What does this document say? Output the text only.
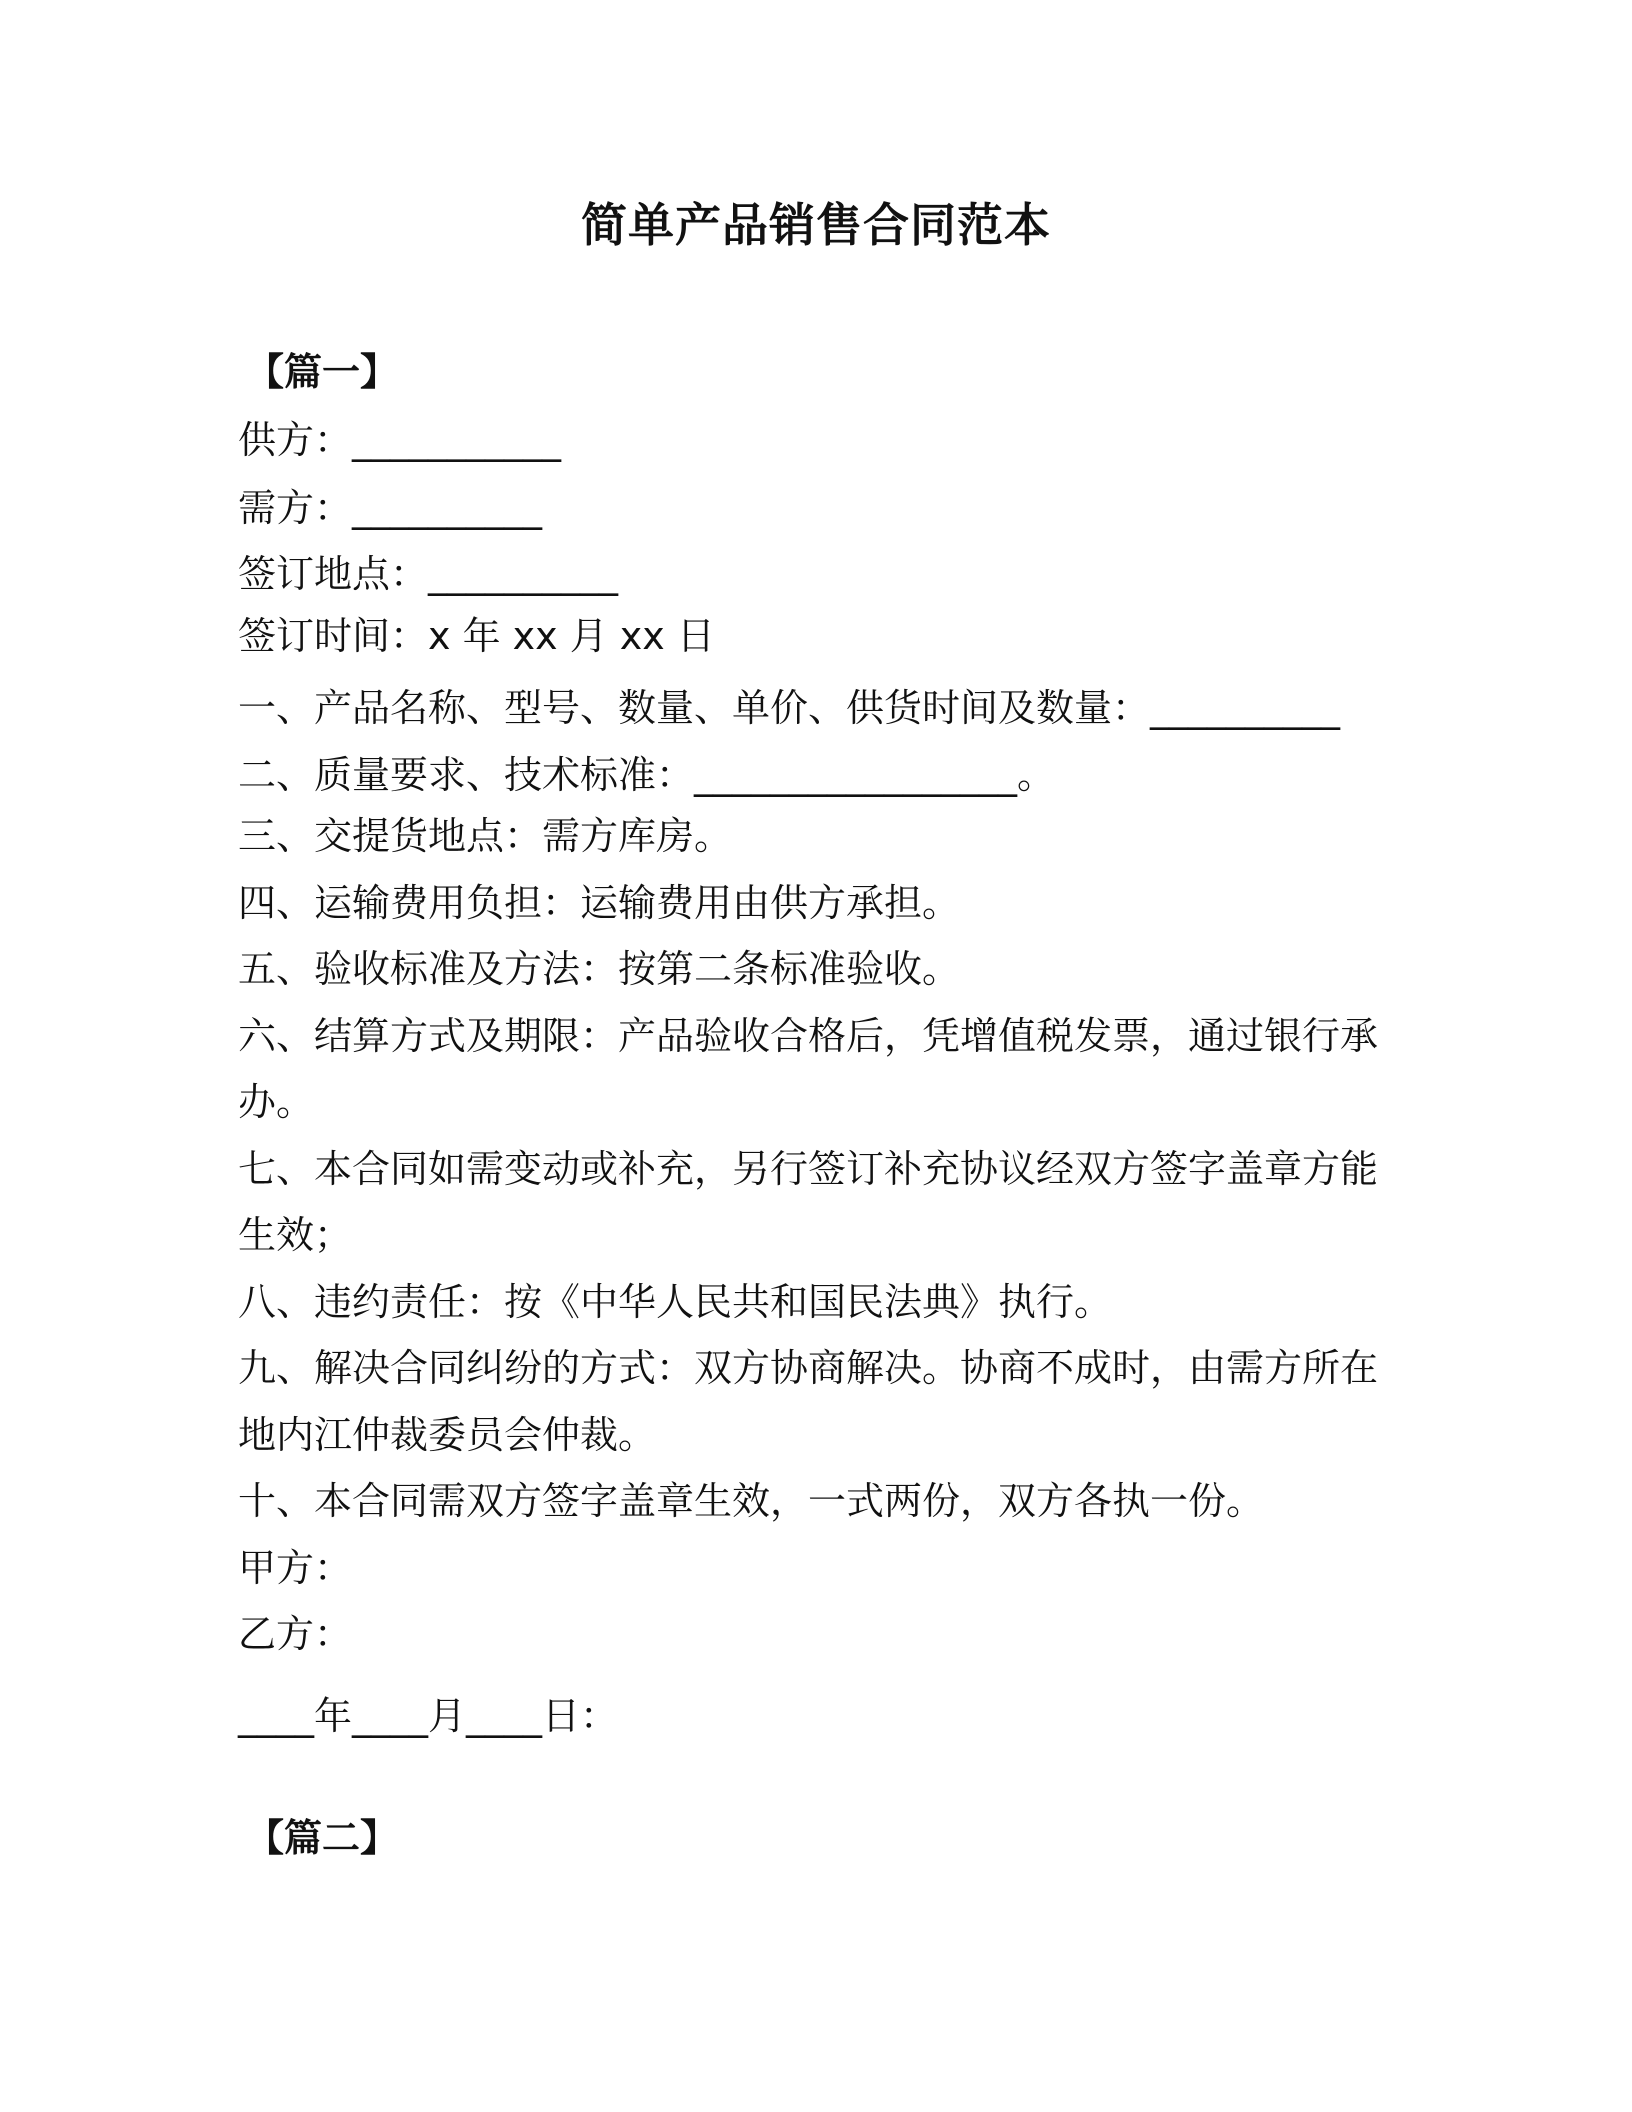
简单产品销售合同范本
【篇一】
供方：___________
需方：__________
签订地点：__________
签订时间：x 年 xx 月 xx 日
一、产品名称、型号、数量、单价、供货时间及数量：__________
二、质量要求、技术标准：_________________。
三、交提货地点：需方库房。
四、运输费用负担：运输费用由供方承担。
五、验收标准及方法：按第二条标准验收。
六、结算方式及期限：产品验收合格后，凭增值税发票，通过银行承
办。
七、本合同如需变动或补充，另行签订补充协议经双方签字盖章方能
生效；
八、违约责任：按《中华人民共和国民法典》执行。
九、解决合同纠纷的方式：双方协商解决。协商不成时，由需方所在
地内江仲裁委员会仲裁。
十、本合同需双方签字盖章生效，一式两份，双方各执一份。
甲方：
乙方：
____年____月____日：
【篇二】
